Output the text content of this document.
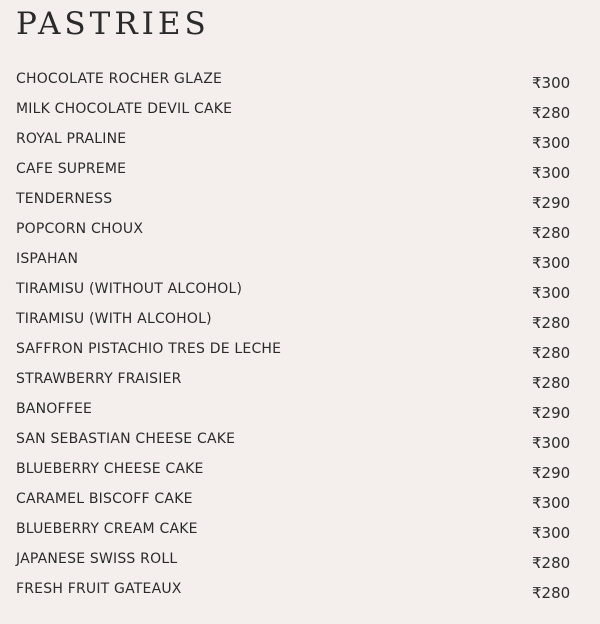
PASTRIES
CHOCOLATE ROCHER GLAZE	₹300
MILK CHOCOLATE DEVIL CAKE	₹280
ROYAL PRALINE	₹300
CAFE SUPREME	₹300
TENDERNESS	₹290
POPCORN CHOUX	₹280
ISPAHAN	₹300
TIRAMISU (WITHOUT ALCOHOL)	₹300
TIRAMISU (WITH ALCOHOL)	₹280
SAFFRON PISTACHIO TRES DE LECHE	₹280
STRAWBERRY FRAISIER	₹280
BANOFFEE	₹290
SAN SEBASTIAN CHEESE CAKE	₹300
BLUEBERRY CHEESE CAKE	₹290
CARAMEL BISCOFF CAKE	₹300
BLUEBERRY CREAM CAKE	₹300
JAPANESE SWISS ROLL	₹280
FRESH FRUIT GATEAUX	₹280
